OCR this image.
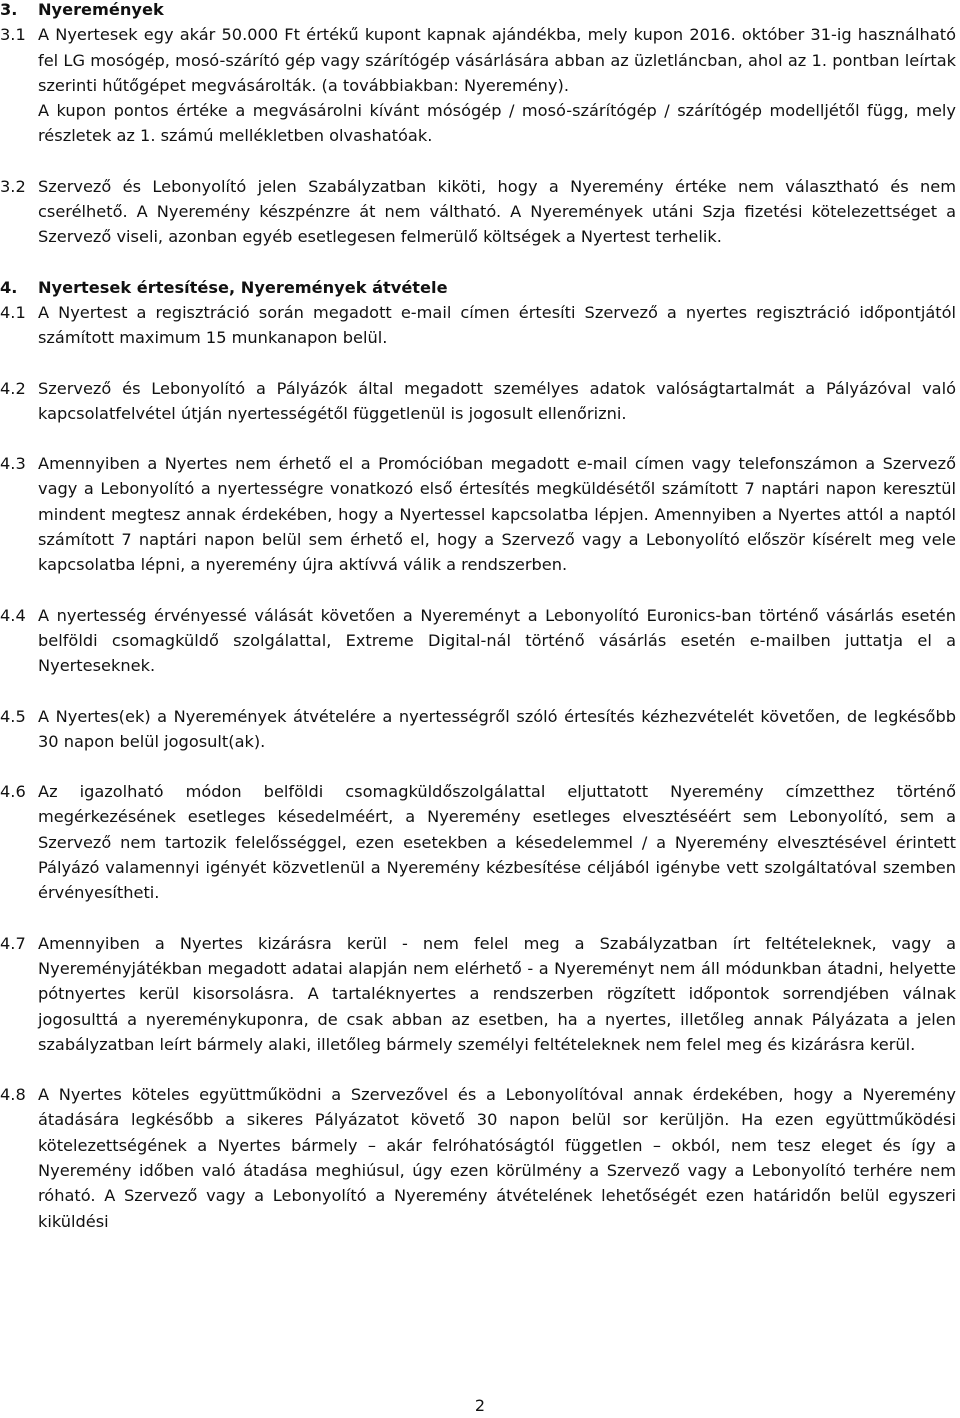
3.	Nyeremények
3.1 A Nyertesek egy akár 50.000 Ft értékű kupont kapnak ajándékba, mely kupon 2016. október 31-ig használható fel LG mosógép, mosó-szárító gép vagy szárítógép vásárlására abban az üzletláncban, ahol az 1. pontban leírtak szerinti hűtőgépet megvásárolták. (a továbbiakban: Nyeremény).

A kupon pontos értéke a megvásárolni kívánt mósógép / mosó-szárítógép / szárítógép modelljétől függ, mely részletek az 1. számú mellékletben olvashatóak.

3.2 Szervező és Lebonyolító jelen Szabályzatban kiköti, hogy a Nyeremény értéke nem választható és nem cserélhető. A Nyeremény készpénzre át nem váltható. A Nyeremények utáni Szja fizetési kötelezettséget a Szervező viseli, azonban egyéb esetlegesen felmerülő költségek a Nyertest terhelik.
4.	Nyertesek értesítése, Nyeremények átvétele
4.1 A Nyertest a regisztráció során megadott e-mail címen értesíti Szervező a nyertes regisztráció időpontjától számított maximum 15 munkanapon belül.
4.2 Szervező és Lebonyolító a Pályázók által megadott személyes adatok valóságtartalmát a Pályázóval való kapcsolatfelvétel útján nyertességétől függetlenül is jogosult ellenőrizni.
4.3 Amennyiben a Nyertes nem érhető el a Promócióban megadott e-mail címen vagy telefonszámon a Szervező vagy a Lebonyolító a nyertességre vonatkozó első értesítés megküldésétől számított 7 naptári napon keresztül mindent megtesz annak érdekében, hogy a Nyertessel kapcsolatba lépjen. Amennyiben a Nyertes attól a naptól számított 7 naptári napon belül sem érhető el, hogy a Szervező vagy a Lebonyolító először kísérelt meg vele kapcsolatba lépni, a nyeremény újra aktívvá válik a rendszerben.
4.4 A nyertesség érvényessé válását követően a Nyereményt a Lebonyolító Euronics-ban történő vásárlás esetén belföldi csomagküldő szolgálattal, Extreme Digital-nál történő vásárlás esetén e-mailben juttatja el a Nyerteseknek.
4.5 A Nyertes(ek) a Nyeremények átvételére a nyertességről szóló értesítés kézhezvételét követően, de legkésőbb 30 napon belül jogosult(ak).
4.6 Az igazolható módon belföldi csomagküldőszolgálattal eljuttatott Nyeremény címzetthez történő megérkezésének esetleges késedelméért, a Nyeremény esetleges elvesztéséért sem Lebonyolító, sem a Szervező nem tartozik felelősséggel, ezen esetekben a késedelemmel / a Nyeremény elvesztésével érintett Pályázó valamennyi igényét közvetlenül a Nyeremény kézbesítése céljából igénybe vett szolgáltatóval szemben érvényesítheti.
4.7 Amennyiben a Nyertes kizárásra kerül - nem felel meg a Szabályzatban írt feltételeknek, vagy a Nyereményjátékban megadott adatai alapján nem elérhető - a Nyereményt nem áll módunkban átadni, helyette pótnyertes kerül kisorsolásra. A tartaléknyertes a rendszerben rögzített időpontok sorrendjében válnak jogosulttá a nyereménykuponra, de csak abban az esetben, ha a nyertes, illetőleg annak Pályázata a jelen szabályzatban leírt bármely alaki, illetőleg bármely személyi feltételeknek nem felel meg és kizárásra kerül.
4.8 A Nyertes köteles együttműködni a Szervezővel és a Lebonyolítóval annak érdekében, hogy a Nyeremény átadására legkésőbb a sikeres Pályázatot követő 30 napon belül sor kerüljön. Ha ezen együttműködési kötelezettségének a Nyertes bármely – akár felróhatóságtól független – okból, nem tesz eleget és így a Nyeremény időben való átadása meghiúsul, úgy ezen körülmény a Szervező vagy a Lebonyolító terhére nem róható. A Szervező vagy a Lebonyolító a Nyeremény átvételének lehetőségét ezen határidőn belül egyszeri kiküldési
2
